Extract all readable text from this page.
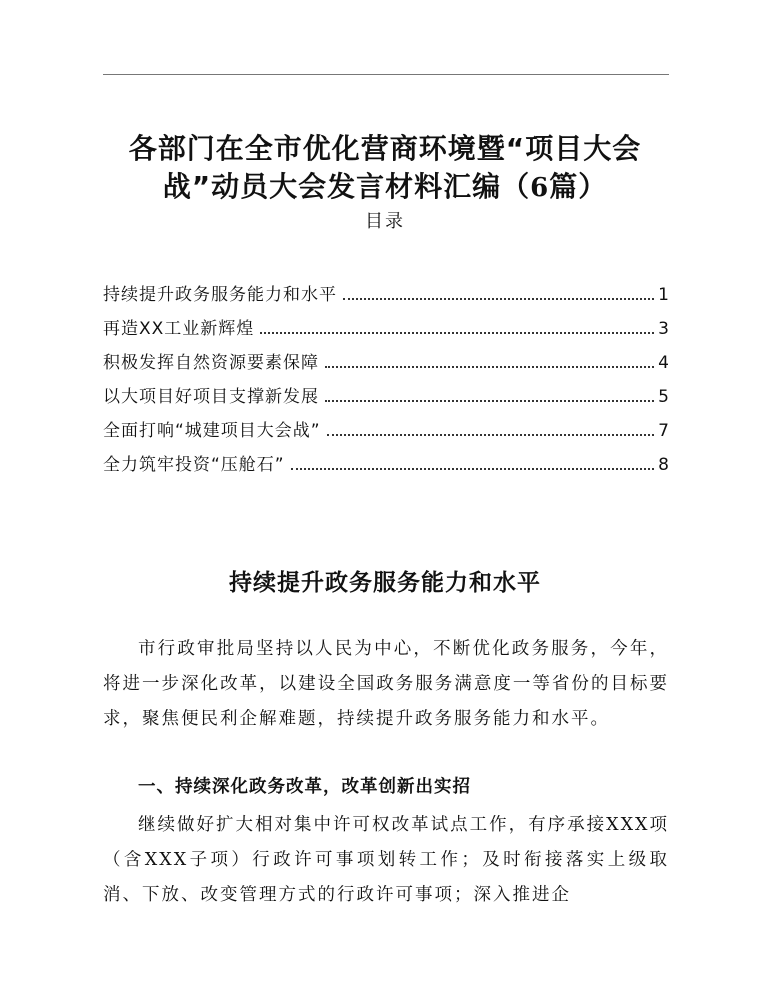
各部门在全市优化营商环境暨“项目大会
战”动员大会发言材料汇编（6篇）
目录
持续提升政务服务能力和水平	1
再造XX工业新辉煌	3
积极发挥自然资源要素保障	4
以大项目好项目支撑新发展	5
全面打响“城建项目大会战”	7
全力筑牢投资“压舱石”	8
持续提升政务服务能力和水平

市行政审批局坚持以人民为中心，不断优化政务服务，今年，将进一步深化改革，以建设全国政务服务满意度一等省份的目标要求，聚焦便民利企解难题，持续提升政务服务能力和水平。

一、持续深化政务改革，改革创新出实招

继续做好扩大相对集中许可权改革试点工作，有序承接XXX项（含XXX子项）行政许可事项划转工作；及时衔接落实上级取消、下放、改变管理方式的行政许可事项；深入推进企
